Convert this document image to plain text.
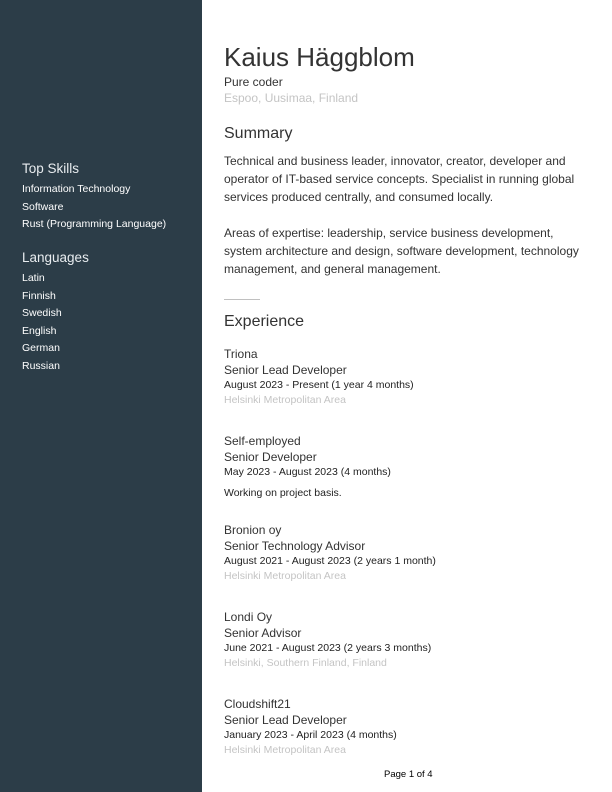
Top Skills
Information Technology
Software
Rust (Programming Language)
Languages
Latin
Finnish
Swedish
English
German
Russian
Kaius Häggblom
Pure coder
Espoo, Uusimaa, Finland
Summary

Technical and business leader, innovator, creator, developer and operator of IT-based service concepts. Specialist in running global services produced centrally, and consumed locally.

Areas of expertise: leadership, service business development, system architecture and design, software development, technology management, and general management.

Experience
Triona
Senior Lead Developer
August 2023 - Present (1 year 4 months)
Helsinki Metropolitan Area
Self-employed
Senior Developer
May 2023 - August 2023 (4 months)
Working on project basis.
Bronion oy
Senior Technology Advisor
August 2021 - August 2023 (2 years 1 month)
Helsinki Metropolitan Area
Londi Oy
Senior Advisor
June 2021 - August 2023 (2 years 3 months)
Helsinki, Southern Finland, Finland
Cloudshift21
Senior Lead Developer
January 2023 - April 2023 (4 months)
Helsinki Metropolitan Area
Page 1 of 4
